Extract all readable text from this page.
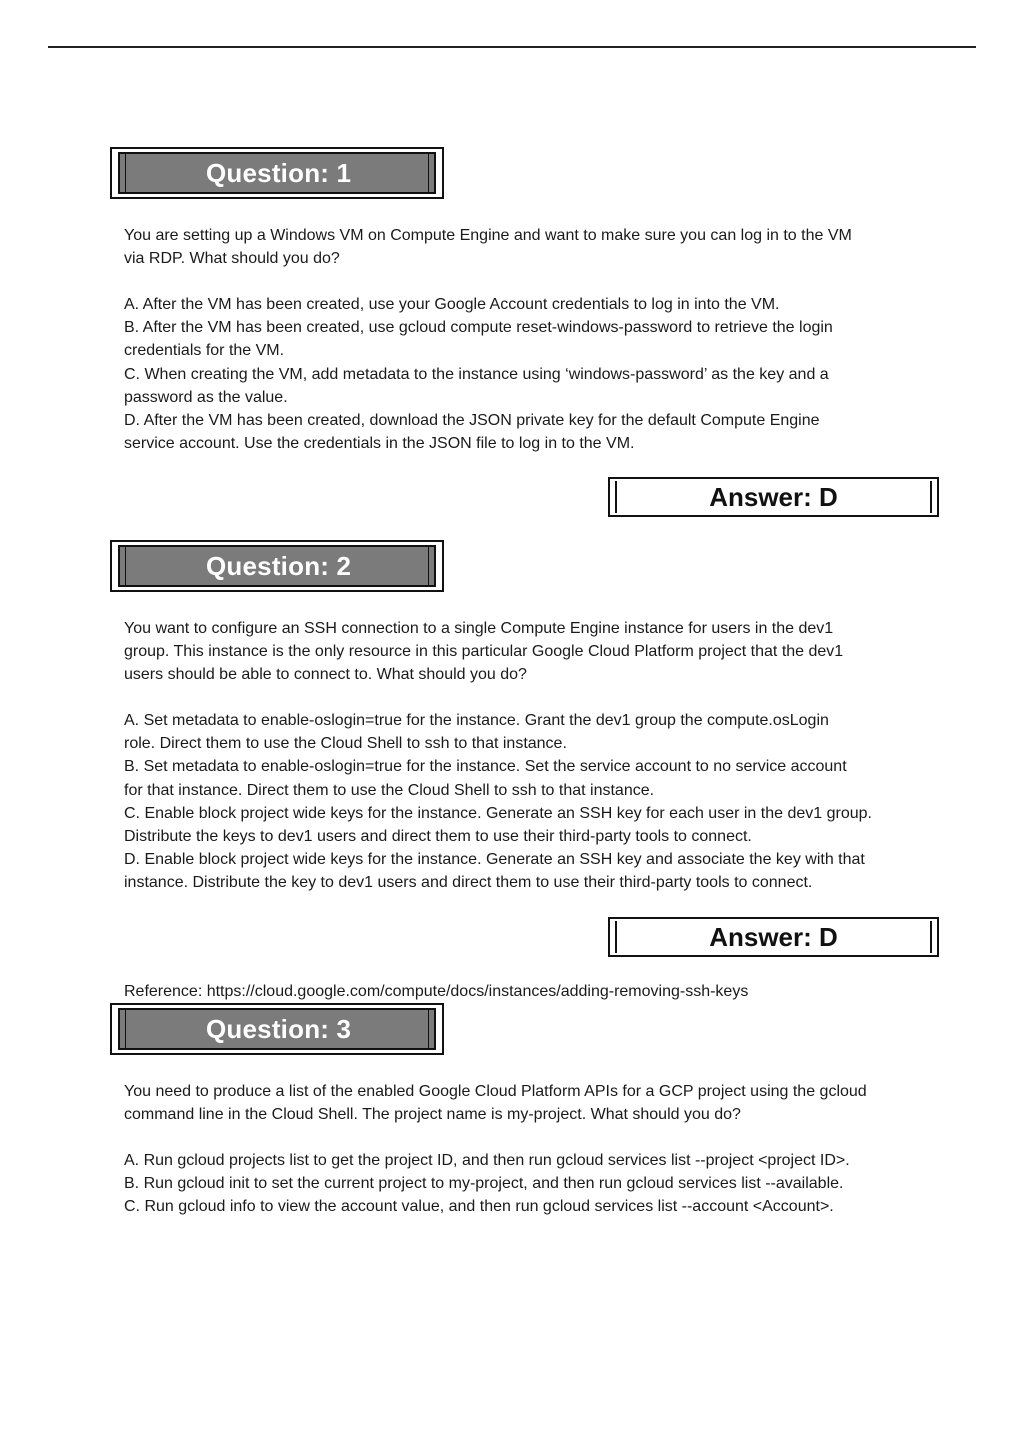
Question: 1
You are setting up a Windows VM on Compute Engine and want to make sure you can log in to the VM
via RDP. What should you do?
A. After the VM has been created, use your Google Account credentials to log in into the VM.
B. After the VM has been created, use gcloud compute reset-windows-password to retrieve the login
credentials for the VM.
C. When creating the VM, add metadata to the instance using ‘windows-password’ as the key and a
password as the value.
D. After the VM has been created, download the JSON private key for the default Compute Engine
service account. Use the credentials in the JSON file to log in to the VM.
Answer: D
Question: 2
You want to configure an SSH connection to a single Compute Engine instance for users in the dev1
group. This instance is the only resource in this particular Google Cloud Platform project that the dev1
users should be able to connect to. What should you do?
A. Set metadata to enable-oslogin=true for the instance. Grant the dev1 group the compute.osLogin
role. Direct them to use the Cloud Shell to ssh to that instance.
B. Set metadata to enable-oslogin=true for the instance. Set the service account to no service account
for that instance. Direct them to use the Cloud Shell to ssh to that instance.
C. Enable block project wide keys for the instance. Generate an SSH key for each user in the dev1 group.
Distribute the keys to dev1 users and direct them to use their third-party tools to connect.
D. Enable block project wide keys for the instance. Generate an SSH key and associate the key with that
instance. Distribute the key to dev1 users and direct them to use their third-party tools to connect.
Answer: D
Reference: https://cloud.google.com/compute/docs/instances/adding-removing-ssh-keys
Question: 3
You need to produce a list of the enabled Google Cloud Platform APIs for a GCP project using the gcloud
command line in the Cloud Shell. The project name is my-project. What should you do?
A. Run gcloud projects list to get the project ID, and then run gcloud services list --project <project ID>.
B. Run gcloud init to set the current project to my-project, and then run gcloud services list --available.
C. Run gcloud info to view the account value, and then run gcloud services list --account <Account>.
